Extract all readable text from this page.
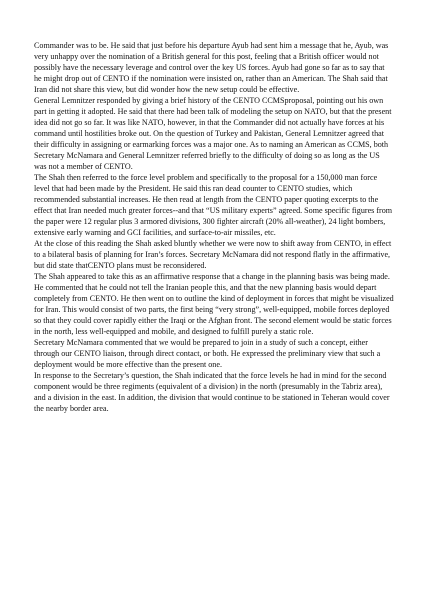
Commander was to be. He said that just before his departure Ayub had sent him a message that he, Ayub, was very unhappy over the nomination of a British general for this post, feeling that a British officer would not possibly have the necessary leverage and control over the key US forces. Ayub had gone so far as to say that he might drop out of CENTO if the nomination were insisted on, rather than an American. The Shah said that Iran did not share this view, but did wonder how the new setup could be effective.

General Lemnitzer responded by giving a brief history of the CENTO CCMSproposal, pointing out his own part in getting it adopted. He said that there had been talk of modeling the setup on NATO, but that the present idea did not go so far. It was like NATO, however, in that the Commander did not actually have forces at his command until hostilities broke out. On the question of Turkey and Pakistan, General Lemnitzer agreed that their difficulty in assigning or earmarking forces was a major one. As to naming an American as CCMS, both Secretary McNamara and General Lemnitzer referred briefly to the difficulty of doing so as long as the US was not a member of CENTO.

The Shah then referred to the force level problem and specifically to the proposal for a 150,000 man force level that had been made by the President. He said this ran dead counter to CENTO studies, which recommended substantial increases. He then read at length from the CENTO paper quoting excerpts to the effect that Iran needed much greater forces--and that “US military experts” agreed. Some specific figures from the paper were 12 regular plus 3 armored divisions, 300 fighter aircraft (20% all-weather), 24 light bombers, extensive early warning and GCI facilities, and surface-to-air missiles, etc.

At the close of this reading the Shah asked bluntly whether we were now to shift away from CENTO, in effect to a bilateral basis of planning for Iran’s forces. Secretary McNamara did not respond flatly in the affirmative, but did state thatCENTO plans must be reconsidered.

The Shah appeared to take this as an affirmative response that a change in the planning basis was being made. He commented that he could not tell the Iranian people this, and that the new planning basis would depart completely from CENTO. He then went on to outline the kind of deployment in forces that might be visualized for Iran. This would consist of two parts, the first being “very strong”, well-equipped, mobile forces deployed so that they could cover rapidly either the Iraqi or the Afghan front. The second element would be static forces in the north, less well-equipped and mobile, and designed to fulfill purely a static role.

Secretary McNamara commented that we would be prepared to join in a study of such a concept, either through our CENTO liaison, through direct contact, or both. He expressed the preliminary view that such a deployment would be more effective than the present one.

In response to the Secretary’s question, the Shah indicated that the force levels he had in mind for the second component would be three regiments (equivalent of a division) in the north (presumably in the Tabriz area), and a division in the east. In addition, the division that would continue to be stationed in Teheran would cover the nearby border area.
